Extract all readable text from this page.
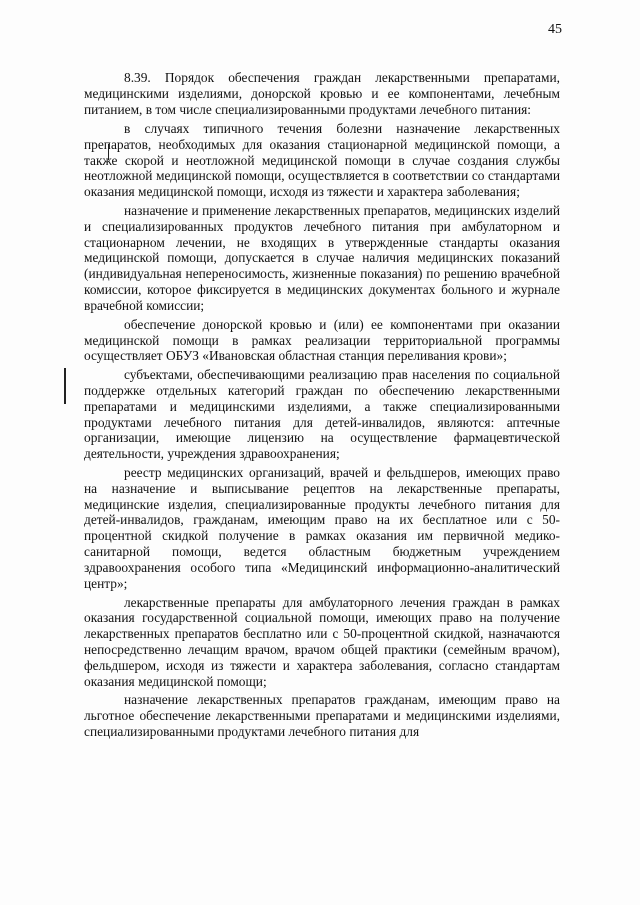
45

8.39. Порядок обеспечения граждан лекарственными препаратами, медицинскими изделиями, донорской кровью и ее компонентами, лечебным питанием, в том числе специализированными продуктами лечебного питания:

в случаях типичного течения болезни назначение лекарственных препаратов, необходимых для оказания стационарной медицинской помощи, а также скорой и неотложной медицинской помощи в случае создания службы неотложной медицинской помощи, осуществляется в соответствии со стандартами оказания медицинской помощи, исходя из тяжести и характера заболевания;

назначение и применение лекарственных препаратов, медицинских изделий и специализированных продуктов лечебного питания при амбулаторном и стационарном лечении, не входящих в утвержденные стандарты оказания медицинской помощи, допускается в случае наличия медицинских показаний (индивидуальная непереносимость, жизненные показания) по решению врачебной комиссии, которое фиксируется в медицинских документах больного и журнале врачебной комиссии;

обеспечение донорской кровью и (или) ее компонентами при оказании медицинской помощи в рамках реализации территориальной программы осуществляет ОБУЗ «Ивановская областная станция переливания крови»;

субъектами, обеспечивающими реализацию прав населения по социальной поддержке отдельных категорий граждан по обеспечению лекарственными препаратами и медицинскими изделиями, а также специализированными продуктами лечебного питания для детей-инвалидов, являются: аптечные организации, имеющие лицензию на осуществление фармацевтической деятельности, учреждения здравоохранения;

реестр медицинских организаций, врачей и фельдшеров, имеющих право на назначение и выписывание рецептов на лекарственные препараты, медицинские изделия, специализированные продукты лечебного питания для детей-инвалидов, гражданам, имеющим право на их бесплатное или с 50-процентной скидкой получение в рамках оказания им первичной медико-санитарной помощи, ведется областным бюджетным учреждением здравоохранения особого типа «Медицинский информационно-аналитический центр»;

лекарственные препараты для амбулаторного лечения граждан в рамках оказания государственной социальной помощи, имеющих право на получение лекарственных препаратов бесплатно или с 50-процентной скидкой, назначаются непосредственно лечащим врачом, врачом общей практики (семейным врачом), фельдшером, исходя из тяжести и характера заболевания, согласно стандартам оказания медицинской помощи;

назначение лекарственных препаратов гражданам, имеющим право на льготное обеспечение лекарственными препаратами и медицинскими изделиями, специализированными продуктами лечебного питания для
